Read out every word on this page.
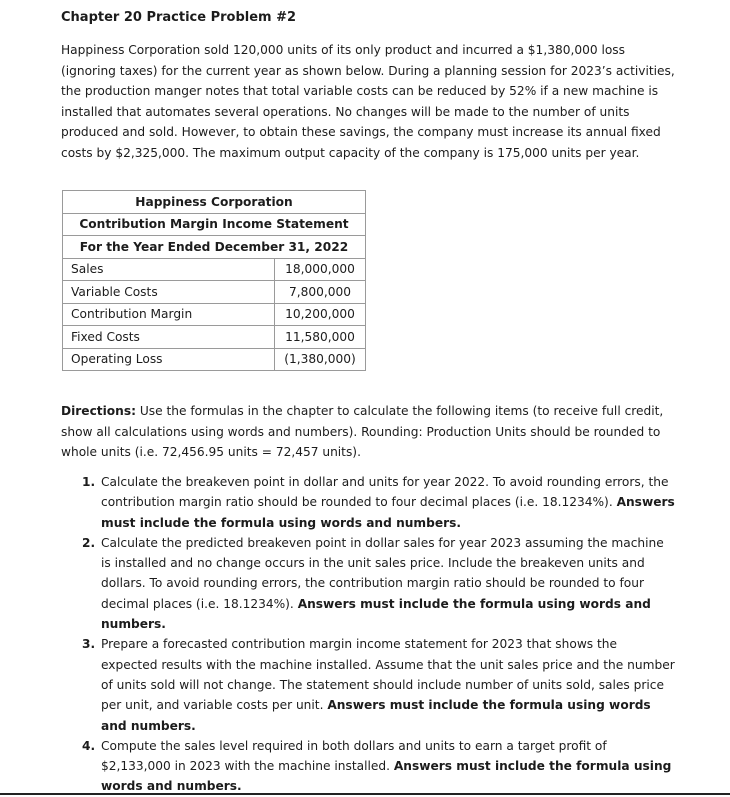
Chapter 20 Practice Problem #2
Happiness Corporation sold 120,000 units of its only product and incurred a $1,380,000 loss (ignoring taxes) for the current year as shown below. During a planning session for 2023’s activities, the production manger notes that total variable costs can be reduced by 52% if a new machine is installed that automates several operations. No changes will be made to the number of units produced and sold. However, to obtain these savings, the company must increase its annual fixed costs by $2,325,000. The maximum output capacity of the company is 175,000 units per year.
Happiness Corporation	
Contribution Margin Income Statement	
For the Year Ended December 31, 2022	
Sales	18,000,000
Variable Costs	7,800,000
Contribution Margin	10,200,000
Fixed Costs	11,580,000
Operating Loss	(1,380,000)
Directions: Use the formulas in the chapter to calculate the following items (to receive full credit, show all calculations using words and numbers). Rounding: Production Units should be rounded to whole units (i.e. 72,456.95 units = 72,457 units).
1. Calculate the breakeven point in dollar and units for year 2022. To avoid rounding errors, the contribution margin ratio should be rounded to four decimal places (i.e. 18.1234%). Answers must include the formula using words and numbers.
2. Calculate the predicted breakeven point in dollar sales for year 2023 assuming the machine is installed and no change occurs in the unit sales price. Include the breakeven units and dollars. To avoid rounding errors, the contribution margin ratio should be rounded to four decimal places (i.e. 18.1234%). Answers must include the formula using words and numbers.
3. Prepare a forecasted contribution margin income statement for 2023 that shows the expected results with the machine installed. Assume that the unit sales price and the number of units sold will not change. The statement should include number of units sold, sales price per unit, and variable costs per unit. Answers must include the formula using words and numbers.
4. Compute the sales level required in both dollars and units to earn a target profit of $2,133,000 in 2023 with the machine installed. Answers must include the formula using words and numbers.
